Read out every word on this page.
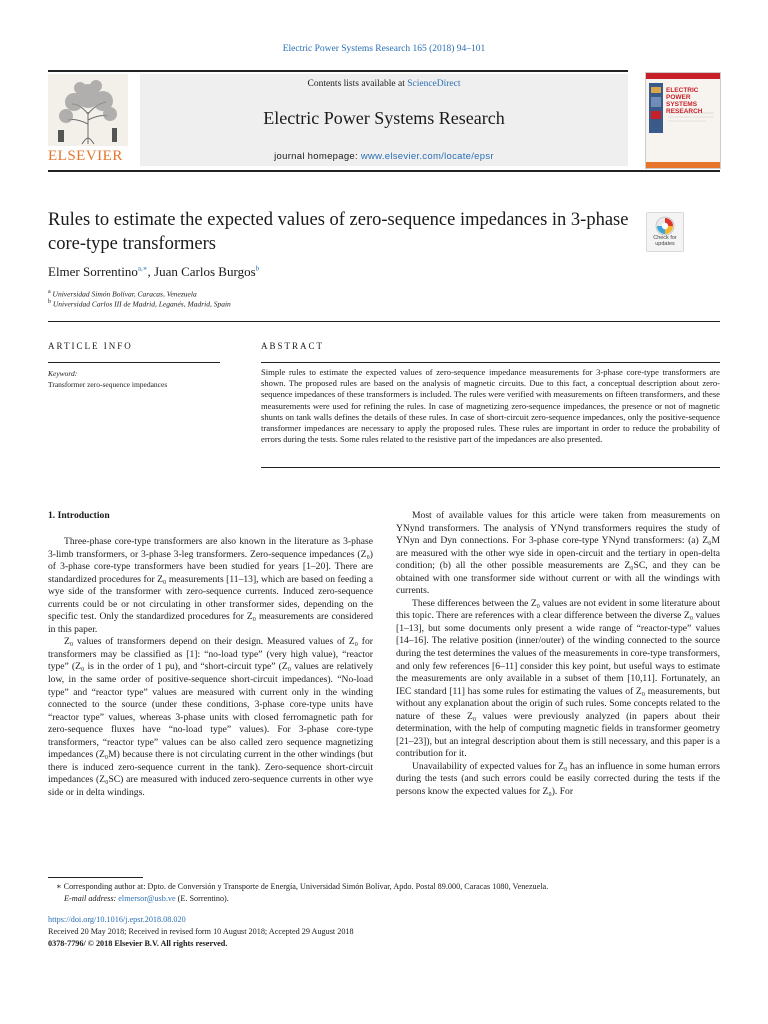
Electric Power Systems Research 165 (2018) 94–101
ELSEVIER
Contents lists available at ScienceDirect
Electric Power Systems Research
journal homepage: www.elsevier.com/locate/epsr
ELECTRIC POWER
SYSTEMS RESEARCH
Rules to estimate the expected values of zero-sequence impedances in 3-phase core-type transformers	Check for updates
Elmer Sorrentino$^{a,∗}$, Juan Carlos Burgos$^b$
$^a$ Universidad Simón Bolívar, Caracas, Venezuela
$^b$ Universidad Carlos III de Madrid, Leganés, Madrid, Spain
ARTICLE INFO
Keyword:
Transformer zero-sequence impedances
ABSTRACT
Simple rules to estimate the expected values of zero-sequence impedance measurements for 3-phase core-type transformers are shown. The proposed rules are based on the analysis of magnetic circuits. Due to this fact, a conceptual description about zero-sequence impedances of these transformers is included. The rules were verified with measurements on fifteen transformers, and these measurements were used for refining the rules. In case of magnetizing zero-sequence impedances, the presence or not of magnetic shunts on tank walls defines the details of these rules. In case of short-circuit zero-sequence impedances, only the positive-sequence transformer impedances are necessary to apply the proposed rules. These rules are important in order to reduce the probability of errors during the tests. Some rules related to the resistive part of the impedances are also presented.
1. Introduction

Three-phase core-type transformers are also known in the literature as 3-phase 3-limb transformers, or 3-phase 3-leg transformers. Zero-sequence impedances (Z₀) of 3-phase core-type transformers have been studied for years [1–20]. There are standardized procedures for Z₀ measurements [11–13], which are based on feeding a wye side of the transformer with zero-sequence currents. Induced zero-sequence currents could be or not circulating in other transformer sides, depending on the specific test. Only the standardized procedures for Z₀ measurements are considered in this paper.

Z₀ values of transformers depend on their design. Measured values of Z₀ for transformers may be classified as [1]: “no-load type” (very high value), “reactor type” (Z₀ is in the order of 1 pu), and “short-circuit type” (Z₀ values are relatively low, in the same order of positive-sequence short-circuit impedances). “No-load type” and “reactor type” values are measured with current only in the winding connected to the source (under these conditions, 3-phase core-type units have “reactor type” values, whereas 3-phase units with closed ferromagnetic path for zero-sequence fluxes have “no-load type” values). For 3-phase core-type transformers, “reactor type” values can be also called zero sequence magnetizing impedances (Z₀M) because there is not circulating current in the other windings (but there is induced zero-sequence current in the tank). Zero-sequence short-circuit impedances (Z₀SC) are measured with induced zero-sequence currents in other wye side or in delta windings.

Most of available values for this article were taken from measurements on YNynd transformers. The analysis of YNynd transformers requires the study of YNyn and Dyn connections. For 3-phase core-type YNynd transformers: (a) Z₀M are measured with the other wye side in open-circuit and the tertiary in open-delta condition; (b) all the other possible measurements are Z₀SC, and they can be obtained with one transformer side without current or with all the windings with currents.

These differences between the Z₀ values are not evident in some literature about this topic. There are references with a clear difference between the diverse Z₀ values [1–13], but some documents only present a wide range of “reactor-type” values [14–16]. The relative position (inner/outer) of the winding connected to the source during the test determines the values of the measurements in core-type transformers, and only few references [6–11] consider this key point, but useful ways to estimate the measurements are only available in a subset of them [10,11]. Fortunately, an IEC standard [11] has some rules for estimating the values of Z₀ measurements, but without any explanation about the origin of such rules. Some concepts related to the nature of these Z₀ values were previously analyzed (in papers about their determination, with the help of computing magnetic fields in transformer geometry [21–23]), but an integral description about them is still necessary, and this paper is a contribution for it.

Unavailability of expected values for Z₀ has an influence in some human errors during the tests (and such errors could be easily corrected during the tests if the persons know the expected values for Z₀). For

∗ Corresponding author at: Dpto. de Conversión y Transporte de Energía, Universidad Simón Bolívar, Apdo. Postal 89.000, Caracas 1080, Venezuela.
E-mail address: elmersor@usb.ve (E. Sorrentino).
https://doi.org/10.1016/j.epsr.2018.08.020
Received 20 May 2018; Received in revised form 10 August 2018; Accepted 29 August 2018
0378-7796/ © 2018 Elsevier B.V. All rights reserved.
